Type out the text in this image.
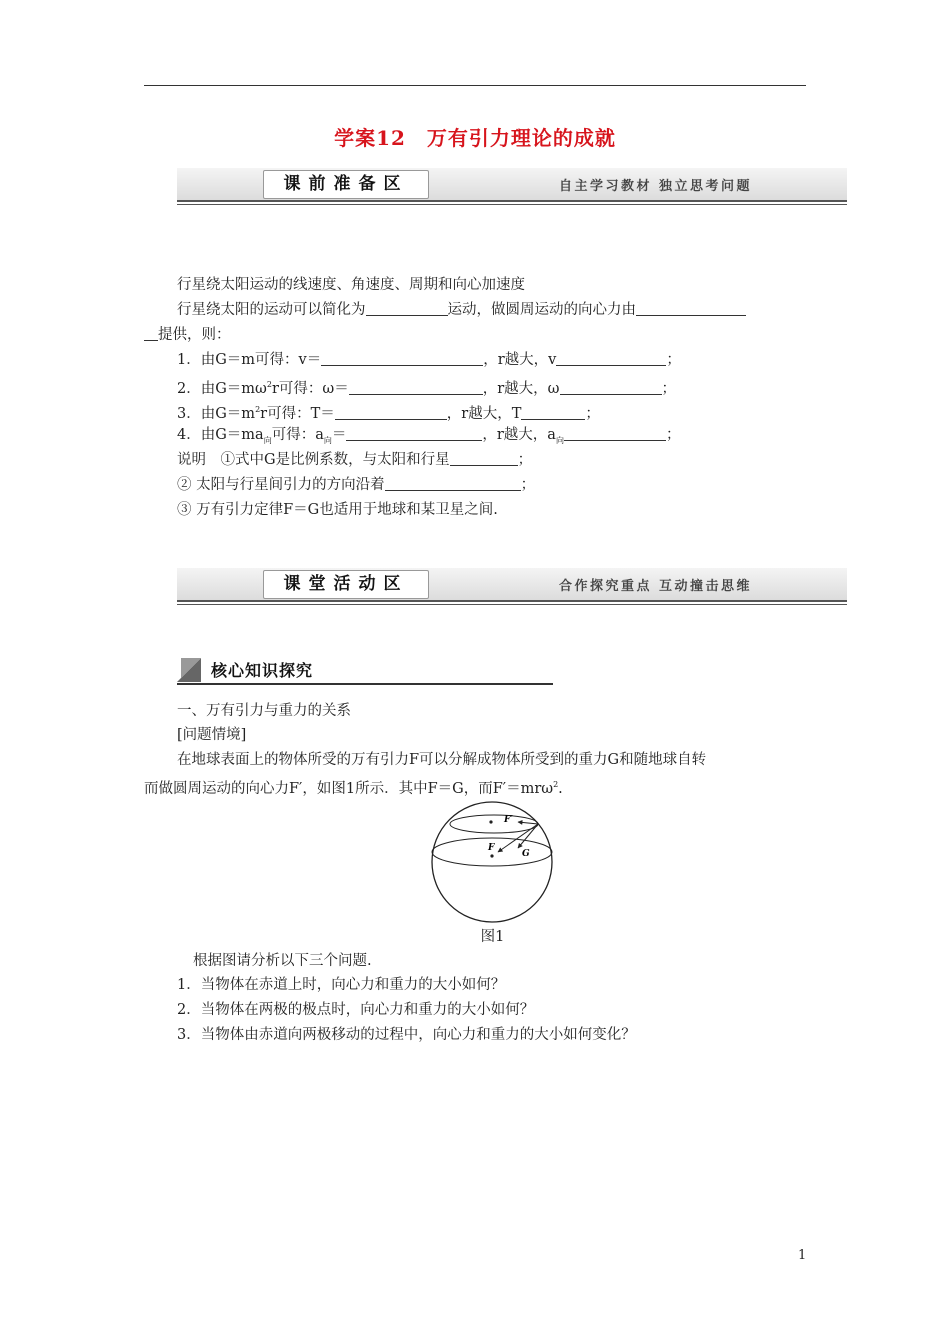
学案12　万有引力理论的成就
课前准备区	自主学习教材 独立思考问题
行星绕太阳运动的线速度、角速度、周期和向心加速度
行星绕太阳的运动可以简化为	运动，做圆周运动的向心力由
提供，则：
1．由G＝m可得：v＝	，r越大，v	；
2．由$G=m\omega^2r$可得：ω＝	，r越大，ω	；
3．由$G=m^2r$可得：T＝	，r越大，T	；
4．由$G=ma_向$可得：$a_向=$	，r越大，$a_向$	；
说明　①式中G是比例系数，与太阳和行星	；
② 太阳与行星间引力的方向沿着	；
③ 万有引力定律F＝G也适用于地球和某卫星之间.
课堂活动区	合作探究重点 互动撞击思维
核心知识探究
一、万有引力与重力的关系
[问题情境]
在地球表面上的物体所受的万有引力F可以分解成物体所受到的重力G和随地球自转
而做圆周运动的向心力F′，如图1所示．其中F＝G，而F′＝mrω$^2$.
F′
F
G
图1
根据图请分析以下三个问题.
1．当物体在赤道上时，向心力和重力的大小如何？
2．当物体在两极的极点时，向心力和重力的大小如何？
3．当物体由赤道向两极移动的过程中，向心力和重力的大小如何变化？
1
